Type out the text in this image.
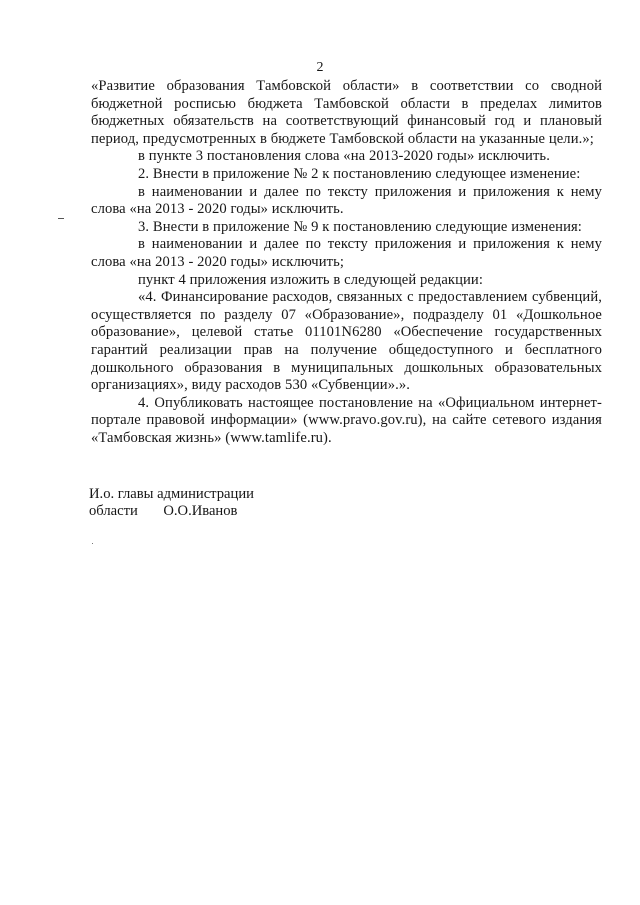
2

«Развитие образования Тамбовской области» в соответствии со сводной бюджетной росписью бюджета Тамбовской области в пределах лимитов бюджетных обязательств на соответствующий финансовый год и плановый период, предусмотренных в бюджете Тамбовской области на указанные цели.»;

в пункте 3 постановления слова «на 2013-2020 годы» исключить.

2. Внести в приложение № 2 к постановлению следующее изменение:

в наименовании и далее по тексту приложения и приложения к нему слова «на 2013 - 2020 годы» исключить.

3. Внести в приложение № 9 к постановлению следующие изменения:

в наименовании и далее по тексту приложения и приложения к нему слова «на 2013 - 2020 годы» исключить;

пункт 4 приложения изложить в следующей редакции:

«4. Финансирование расходов, связанных с предоставлением субвенций, осуществляется по разделу 07 «Образование», подразделу 01 «Дошкольное образование», целевой статье 01101N6280 «Обеспечение государственных гарантий реализации прав на получение общедоступного и бесплатного дошкольного образования в муниципальных дошкольных образовательных организациях», виду расходов 530 «Субвенции».».

4. Опубликовать настоящее постановление на «Официальном интернет-портале правовой информации» (www.pravo.gov.ru), на сайте сетевого издания «Тамбовская жизнь» (www.tamlife.ru).

И.о. главы администрации
области О.О.Иванов
